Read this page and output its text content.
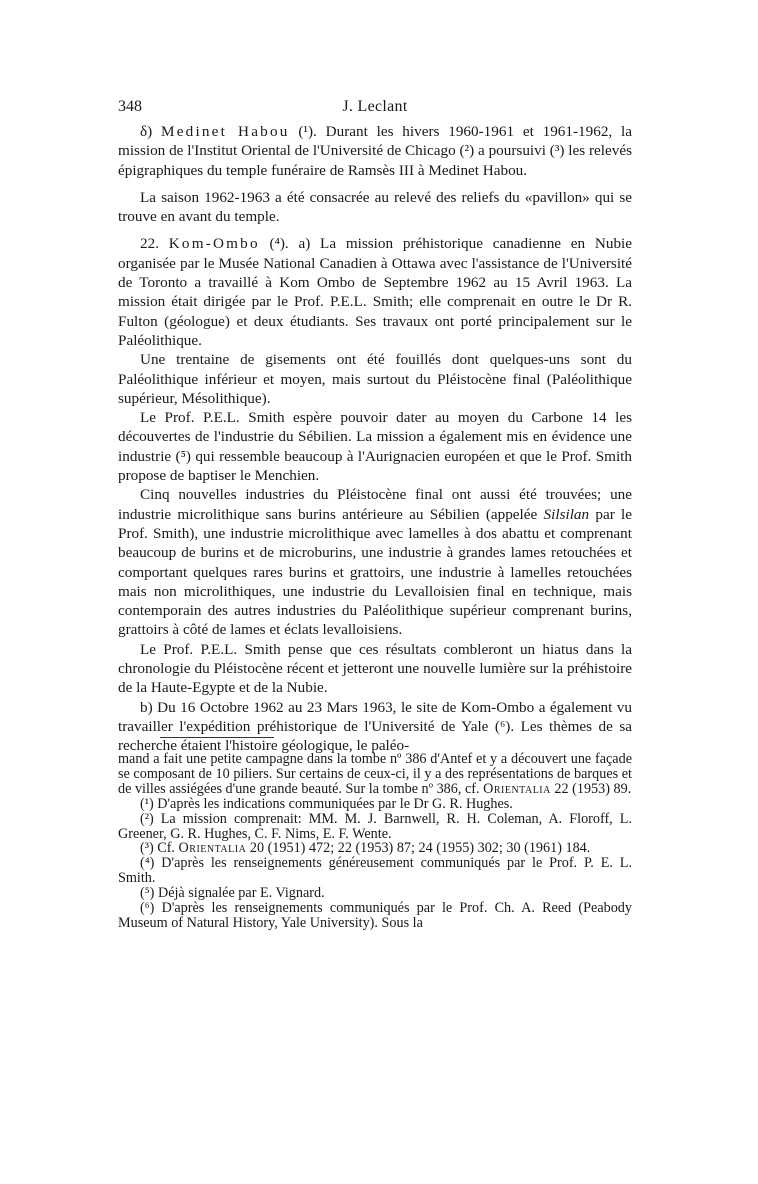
348	J. Leclant

δ) Medinet Habou (¹). Durant les hivers 1960-1961 et 1961-1962, la mission de l'Institut Oriental de l'Université de Chicago (²) a poursuivi (³) les relevés épigraphiques du temple funéraire de Ramsès III à Medinet Habou.

La saison 1962-1963 a été consacrée au relevé des reliefs du «pavillon» qui se trouve en avant du temple.

22. Kom-Ombo (⁴). a) La mission préhistorique canadienne en Nubie organisée par le Musée National Canadien à Ottawa avec l'assistance de l'Université de Toronto a travaillé à Kom Ombo de Septembre 1962 au 15 Avril 1963. La mission était dirigée par le Prof. P.E.L. Smith; elle comprenait en outre le Dr R. Fulton (géologue) et deux étudiants. Ses travaux ont porté principalement sur le Paléolithique.

Une trentaine de gisements ont été fouillés dont quelques-uns sont du Paléolithique inférieur et moyen, mais surtout du Pléistocène final (Paléolithique supérieur, Mésolithique).

Le Prof. P.E.L. Smith espère pouvoir dater au moyen du Carbone 14 les découvertes de l'industrie du Sébilien. La mission a également mis en évidence une industrie (⁵) qui ressemble beaucoup à l'Aurignacien européen et que le Prof. Smith propose de baptiser le Menchien.

Cinq nouvelles industries du Pléistocène final ont aussi été trouvées; une industrie microlithique sans burins antérieure au Sébilien (appelée Silsilan par le Prof. Smith), une industrie microlithique avec lamelles à dos abattu et comprenant beaucoup de burins et de microburins, une industrie à grandes lames retouchées et comportant quelques rares burins et grattoirs, une industrie à lamelles retouchées mais non microlithiques, une industrie du Levalloisien final en technique, mais contemporain des autres industries du Paléolithique supérieur comprenant burins, grattoirs à côté de lames et éclats levalloisiens.

Le Prof. P.E.L. Smith pense que ces résultats combleront un hiatus dans la chronologie du Pléistocène récent et jetteront une nouvelle lumière sur la préhistoire de la Haute-Egypte et de la Nubie.

b) Du 16 Octobre 1962 au 23 Mars 1963, le site de Kom-Ombo a également vu travailler l'expédition préhistorique de l'Université de Yale (⁶). Les thèmes de sa recherche étaient l'histoire géologique, le paléo-

mand a fait une petite campagne dans la tombe nº 386 d'Antef et y a découvert une façade se composant de 10 piliers. Sur certains de ceux-ci, il y a des représentations de barques et de villes assiégées d'une grande beauté. Sur la tombe nº 386, cf. Orientalia 22 (1953) 89.

(¹) D'après les indications communiquées par le Dr G. R. Hughes.

(²) La mission comprenait: MM. M. J. Barnwell, R. H. Coleman, A. Floroff, L. Greener, G. R. Hughes, C. F. Nims, E. F. Wente.

(³) Cf. Orientalia 20 (1951) 472; 22 (1953) 87; 24 (1955) 302; 30 (1961) 184.

(⁴) D'après les renseignements généreusement communiqués par le Prof. P. E. L. Smith.

(⁵) Déjà signalée par E. Vignard.

(⁶) D'après les renseignements communiqués par le Prof. Ch. A. Reed (Peabody Museum of Natural History, Yale University). Sous la
